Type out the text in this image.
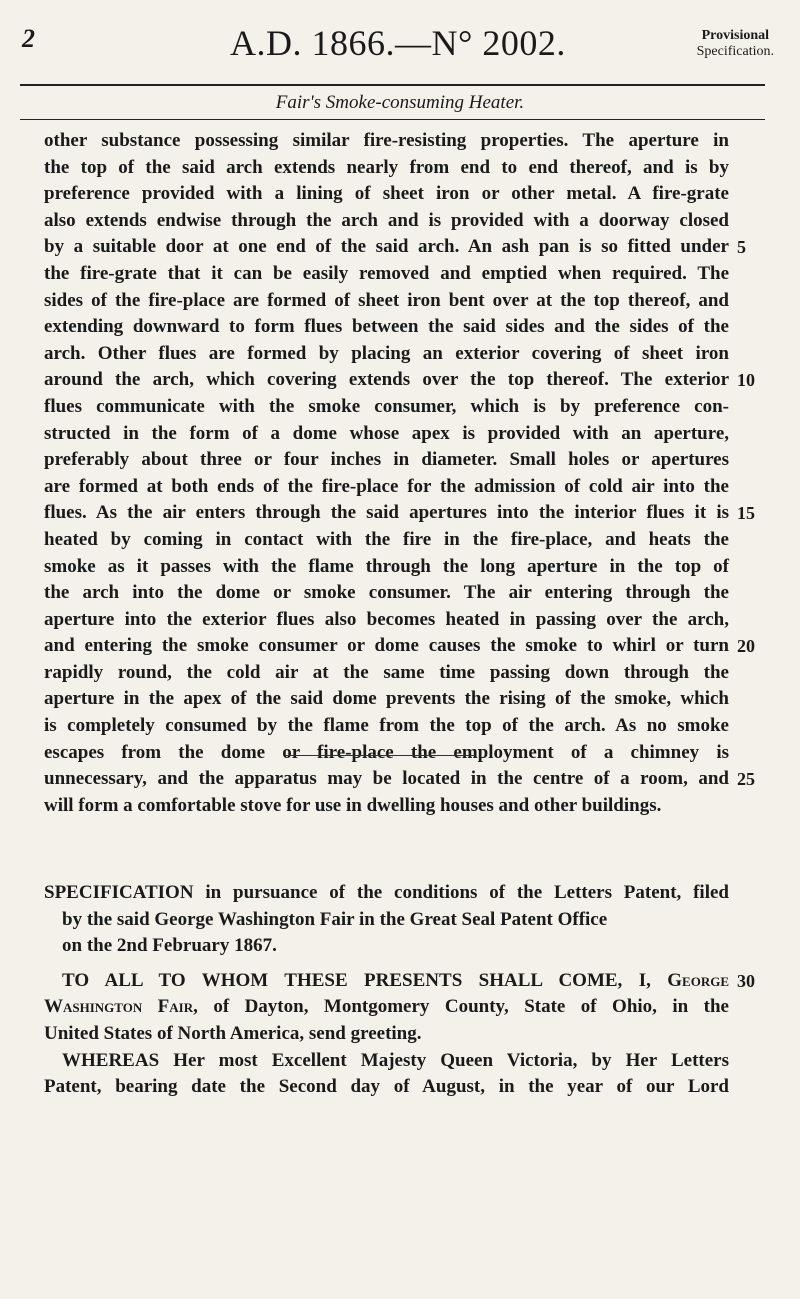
2	A.D. 1866.—N° 2002.	Provisional
Specification.
Fair's Smoke-consuming Heater.
other substance possessing similar fire-resisting properties. The aperture in
the top of the said arch extends nearly from end to end thereof, and is by
preference provided with a lining of sheet iron or other metal. A fire-grate
also extends endwise through the arch and is provided with a doorway closed
by a suitable door at one end of the said arch. An ash pan is so fitted under 5
the fire-grate that it can be easily removed and emptied when required. The
sides of the fire-place are formed of sheet iron bent over at the top thereof, and
extending downward to form flues between the said sides and the sides of the
arch. Other flues are formed by placing an exterior covering of sheet iron
around the arch, which covering extends over the top thereof. The exterior 10
flues communicate with the smoke consumer, which is by preference con-
structed in the form of a dome whose apex is provided with an aperture,
preferably about three or four inches in diameter. Small holes or apertures
are formed at both ends of the fire-place for the admission of cold air into the
flues. As the air enters through the said apertures into the interior flues it is 15
heated by coming in contact with the fire in the fire-place, and heats the
smoke as it passes with the flame through the long aperture in the top of
the arch into the dome or smoke consumer. The air entering through the
aperture into the exterior flues also becomes heated in passing over the arch,
and entering the smoke consumer or dome causes the smoke to whirl or turn 20
rapidly round, the cold air at the same time passing down through the
aperture in the apex of the said dome prevents the rising of the smoke, which
is completely consumed by the flame from the top of the arch. As no smoke
escapes from the dome or fire-place the employment of a chimney is
unnecessary, and the apparatus may be located in the centre of a room, and 25
will form a comfortable stove for use in dwelling houses and other buildings.
SPECIFICATION in pursuance of the conditions of the Letters Patent, filed
by the said George Washington Fair in the Great Seal Patent Office
on the 2nd February 1867.
TO ALL TO WHOM THESE PRESENTS SHALL COME, I, George 30
Washington Fair, of Dayton, Montgomery County, State of Ohio, in the
United States of North America, send greeting.
WHEREAS Her most Excellent Majesty Queen Victoria, by Her Letters
Patent, bearing date the Second day of August, in the year of our Lord
